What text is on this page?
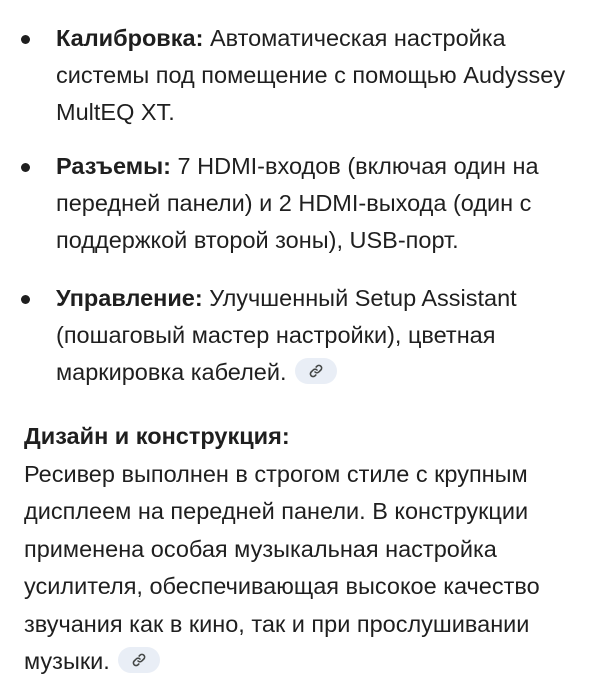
Калибровка: Автоматическая настройка системы под помещение с помощью Audyssey MultEQ XT.
Разъемы: 7 HDMI-входов (включая один на передней панели) и 2 HDMI-выхода (один с поддержкой второй зоны), USB-порт.
Управление: Улучшенный Setup Assistant (пошаговый мастер настройки), цветная маркировка кабелей.

Дизайн и конструкция:

Ресивер выполнен в строгом стиле с крупным дисплеем на передней панели. В конструкции применена особая музыкальная настройка усилителя, обеспечивающая высокое качество звучания как в кино, так и при прослушивании музыки.
